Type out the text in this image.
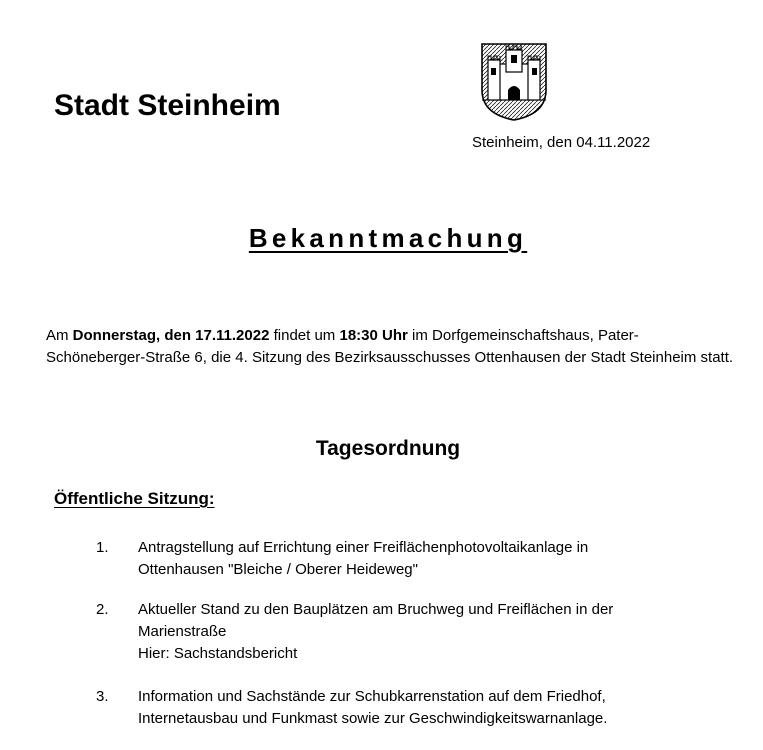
Stadt Steinheim
Steinheim, den 04.11.2022
Bekanntmachung
Am Donnerstag, den 17.11.2022 findet um 18:30 Uhr im Dorfgemeinschaftshaus, Pater-Schöneberger-Straße 6, die 4. Sitzung des Bezirksausschusses Ottenhausen der Stadt Steinheim statt.
Tagesordnung
Öffentliche Sitzung:
1. Antragstellung auf Errichtung einer Freiflächenphotovoltaikanlage in
Ottenhausen "Bleiche / Oberer Heideweg"
2. Aktueller Stand zu den Bauplätzen am Bruchweg und Freiflächen in der
Marienstraße
Hier: Sachstandsbericht
3. Information und Sachstände zur Schubkarrenstation auf dem Friedhof,
Internetausbau und Funkmast sowie zur Geschwindigkeitswarnanlage.
